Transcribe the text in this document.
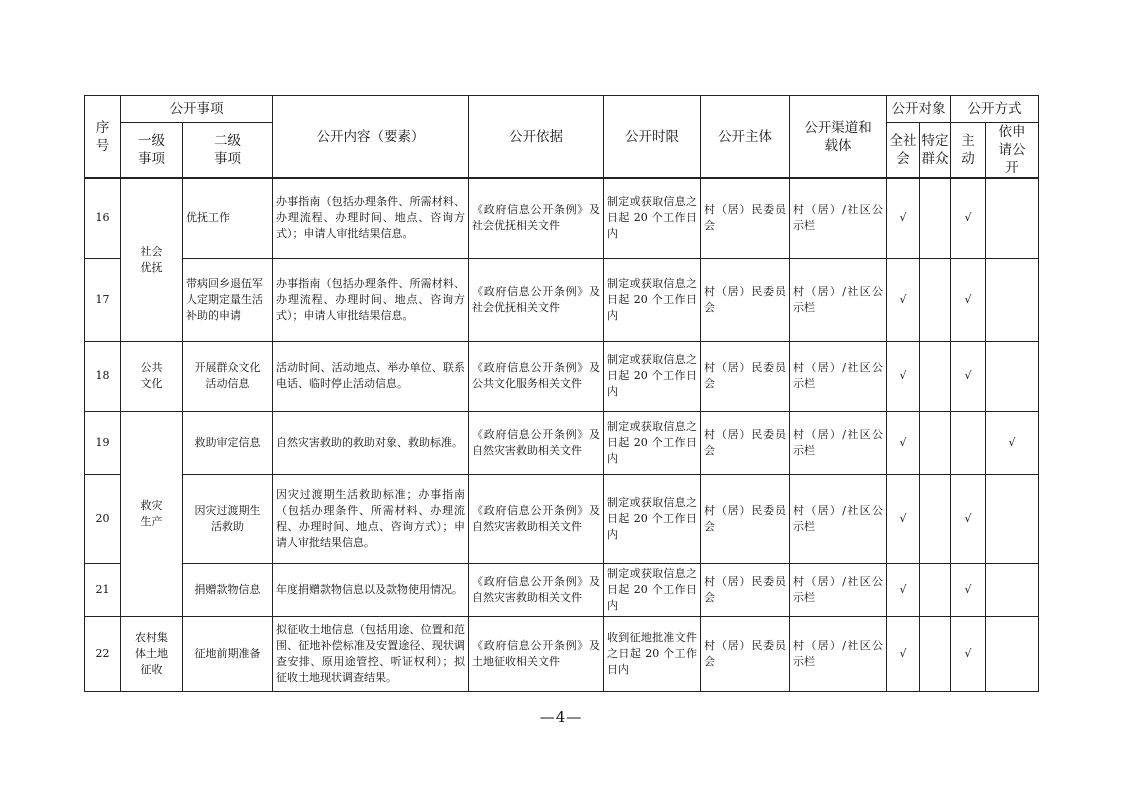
序号	公开事项		公开内容（要素）	公开依据	公开时限	公开主体	公开渠道和载体	公开对象		公开方式	
	一级事项	二级事项						全社会	特定群众	主动	依申请公开
16	社会优抚	优抚工作	办事指南（包括办理条件、所需材料、办理流程、办理时间、地点、咨询方式）；申请人审批结果信息。	《政府信息公开条例》及社会优抚相关文件	制定或获取信息之日起 20 个工作日内	村（居）民委员会	村（居）/社区公示栏	√		√	
17		带病回乡退伍军人定期定量生活补助的申请	办事指南（包括办理条件、所需材料、办理流程、办理时间、地点、咨询方式）；申请人审批结果信息。	《政府信息公开条例》及社会优抚相关文件	制定或获取信息之日起 20 个工作日内	村（居）民委员会	村（居）/社区公示栏	√		√	
18	公共文化	开展群众文化活动信息	活动时间、活动地点、举办单位、联系电话、临时停止活动信息。	《政府信息公开条例》及公共文化服务相关文件	制定或获取信息之日起 20 个工作日内	村（居）民委员会	村（居）/社区公示栏	√		√	
19	救灾生产	救助审定信息	自然灾害救助的救助对象、救助标准。	《政府信息公开条例》及自然灾害救助相关文件	制定或获取信息之日起 20 个工作日内	村（居）民委员会	村（居）/社区公示栏	√			√
20		因灾过渡期生活救助	因灾过渡期生活救助标准；办事指南（包括办理条件、所需材料、办理流程、办理时间、地点、咨询方式）；申请人审批结果信息。	《政府信息公开条例》及自然灾害救助相关文件	制定或获取信息之日起 20 个工作日内	村（居）民委员会	村（居）/社区公示栏	√		√	
21		捐赠款物信息	年度捐赠款物信息以及款物使用情况。	《政府信息公开条例》及自然灾害救助相关文件	制定或获取信息之日起 20 个工作日内	村（居）民委员会	村（居）/社区公示栏	√		√	
22	农村集体土地征收	征地前期准备	拟征收土地信息（包括用途、位置和范围、征地补偿标准及安置途径、现状调查安排、原用途管控、听证权利）；拟征收土地现状调查结果。	《政府信息公开条例》及土地征收相关文件	收到征地批准文件之日起 20 个工作日内	村（居）民委员会	村（居）/社区公示栏	√		√	
—4—
